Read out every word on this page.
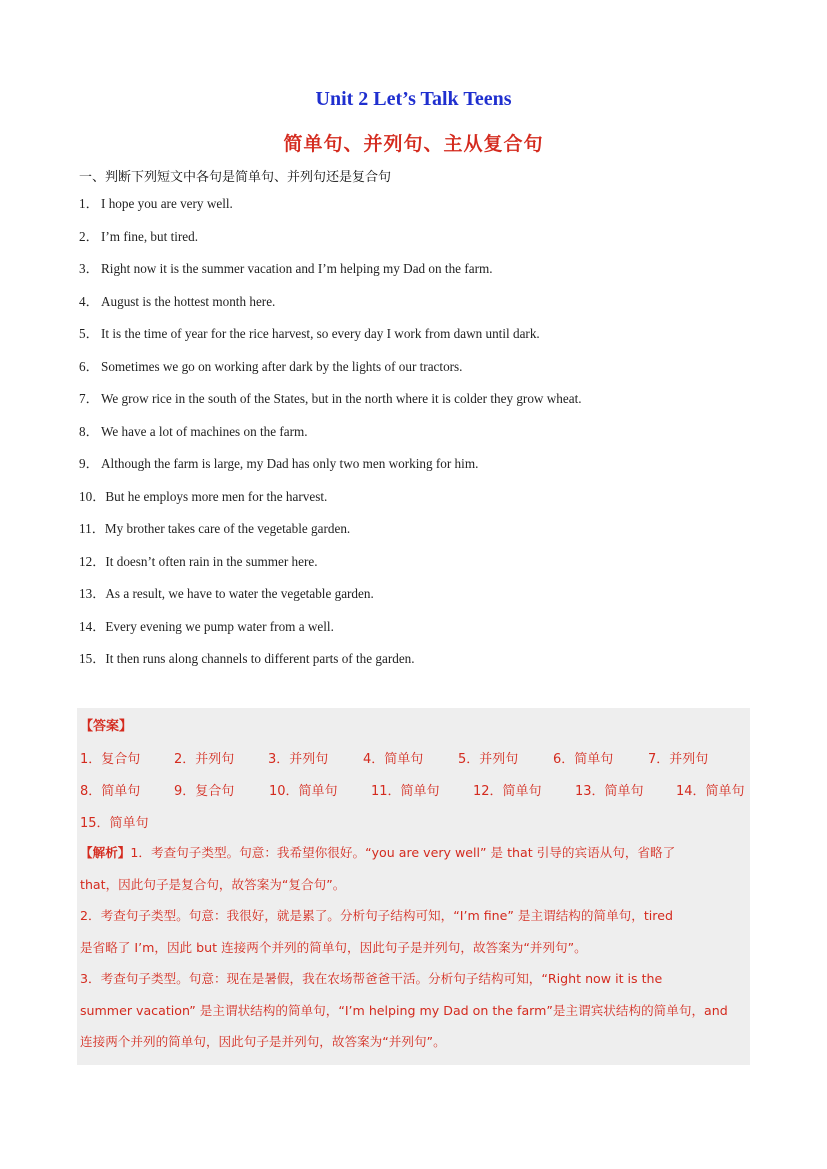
Unit 2 Let’s Talk Teens
简单句、并列句、主从复合句
一、判断下列短文中各句是简单句、并列句还是复合句
1． I hope you are very well.
2． I’m fine, but tired.
3． Right now it is the summer vacation and I’m helping my Dad on the farm.
4． August is the hottest month here.
5． It is the time of year for the rice harvest, so every day I work from dawn until dark.
6． Sometimes we go on working after dark by the lights of our tractors.
7． We grow rice in the south of the States, but in the north where it is colder they grow wheat.
8． We have a lot of machines on the farm.
9． Although the farm is large, my Dad has only two men working for him.
10．But he employs more men for the harvest.
11．My brother takes care of the vegetable garden.
12．It doesn’t often rain in the summer here.
13．As a result, we have to water the vegetable garden.
14．Every evening we pump water from a well.
15．It then runs along channels to different parts of the garden.
【答案】
1．复合句	2．并列句	3．并列句	4．简单句	5．并列句	6．简单句	7．并列句
8．简单句	9．复合句	10．简单句	11．简单句	12．简单句	13．简单句	14．简单句
15．简单句

【解析】1．考查句子类型。句意：我希望你很好。“you are very well” 是 that 引导的宾语从句，省略了

that，因此句子是复合句，故答案为“复合句”。

2．考查句子类型。句意：我很好，就是累了。分析句子结构可知，“I’m fine” 是主谓结构的简单句，tired

是省略了 I’m，因此 but 连接两个并列的简单句，因此句子是并列句，故答案为“并列句”。

3．考查句子类型。句意：现在是暑假，我在农场帮爸爸干活。分析句子结构可知，“Right now it is the

summer vacation” 是主谓状结构的简单句，“I’m helping my Dad on the farm”是主谓宾状结构的简单句，and

连接两个并列的简单句，因此句子是并列句，故答案为“并列句”。
